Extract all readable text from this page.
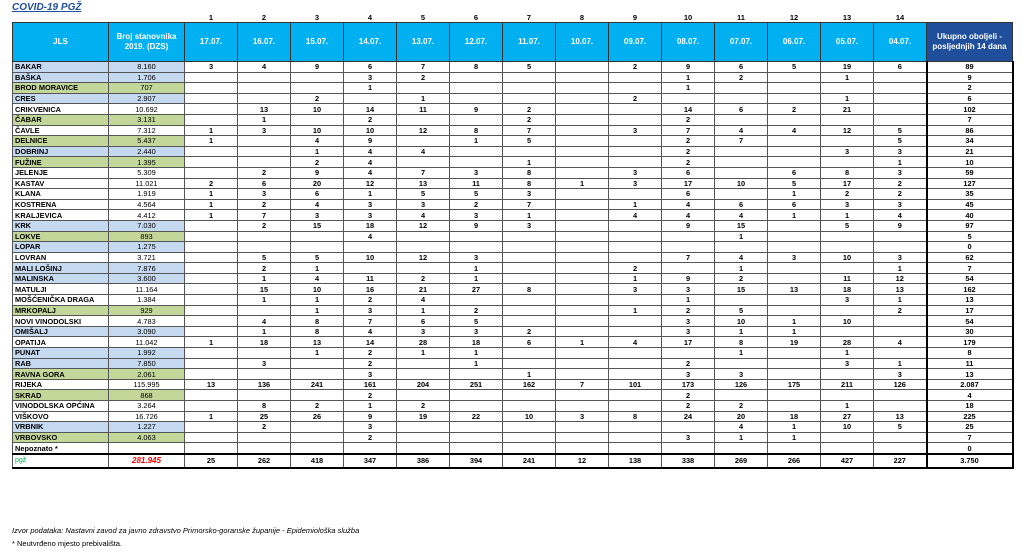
COVID-19 PGŽ
		1	2	3	4	5	6	7	8	9	10	11	12	13	14	
JLS	Broj stanovnika 2019. (DZS)	17.07.	16.07.	15.07.	14.07.	13.07.	12.07.	11.07.	10.07.	09.07.	08.07.	07.07.	06.07.	05.07.	04.07.	Ukupno oboljeli - posljednjih 14 dana
BAKAR	8.160	3	4	9	6	7	8	5		2	9	6	5	19	6	89
BAŠKA	1.706				3	2					1	2		1		9
BROD MORAVICE	707				1						1					2
CRES	2.907			2		1				2				1		6
CRIKVENICA	10.692		13	10	14	11	9	2			14	6	2	21		102
ČABAR	3.131		1		2			2			2					7
ČAVLE	7.312	1	3	10	10	12	8	7		3	7	4	4	12	5	86
DELNICE	5.437	1		4	9		1	5			2	7			5	34
DOBRINJ	2.440			1	4	4					2			3	3	21
FUŽINE	1.395			2	4			1			2				1	10
JELENJE	5.309		2	9	4	7	3	8		3	6		6	8	3	59
KASTAV	11.021	2	6	20	12	13	11	8	1	3	17	10	5	17	2	127
KLANA	1.919	1	3	6	1	5	5	3			6		1	2	2	35
KOSTRENA	4.564	1	2	4	3	3	2	7		1	4	6	6	3	3	45
KRALJEVICA	4.412	1	7	3	3	4	3	1		4	4	4	1	1	4	40
KRK	7.030		2	15	18	12	9	3			9	15		5	9	97
LOKVE	893				4							1				5
LOPAR	1.275															0
LOVRAN	3.721		5	5	10	12	3				7	4	3	10	3	62
MALI LOŠINJ	7.876		2	1			1			2		1			1	7
MALINSKA	3.600		1	4	11	2	1			1	9	2		11	12	54
MATULJI	11.164		15	10	16	21	27	8		3	3	15	13	18	13	162
MOŠĆENIČKA DRAGA	1.384		1	1	2	4					1			3	1	13
MRKOPALJ	929			1	3	1	2			1	2	5			2	17
NOVI VINODOLSKI	4.783		4	8	7	6	5				3	10	1	10		54
OMIŠALJ	3.090		1	8	4	3	3	2			3	1	1			30
OPATIJA	11.042	1	18	13	14	28	18	6	1	4	17	8	19	28	4	179
PUNAT	1.992			1	2	1	1					1		1		8
RAB	7.850		3		2		1				2			3	1	11
RAVNA GORA	2.061				3			1			3	3			3	13
RIJEKA	115.995	13	136	241	161	204	251	162	7	101	173	126	175	211	126	2.087
SKRAD	868				2						2					4
VINODOLSKA OPĆINA	3.264		8	2	1	2					2	2		1		18
VIŠKOVO	16.726	1	25	26	9	19	22	10	3	8	24	20	18	27	13	225
VRBNIK	1.227		2		3							4	1	10	5	25
VRBOVSKO	4.063				2						3	1	1			7
Nepoznato *																0
pgž	281.945	25	262	418	347	386	394	241	12	138	338	269	266	427	227	3.750
Izvor podataka: Nastavni zavod za javno zdravstvo Primorsko-goranske županije - Epidemiološka služba
* Neutvrđeno mjesto prebivališta.
